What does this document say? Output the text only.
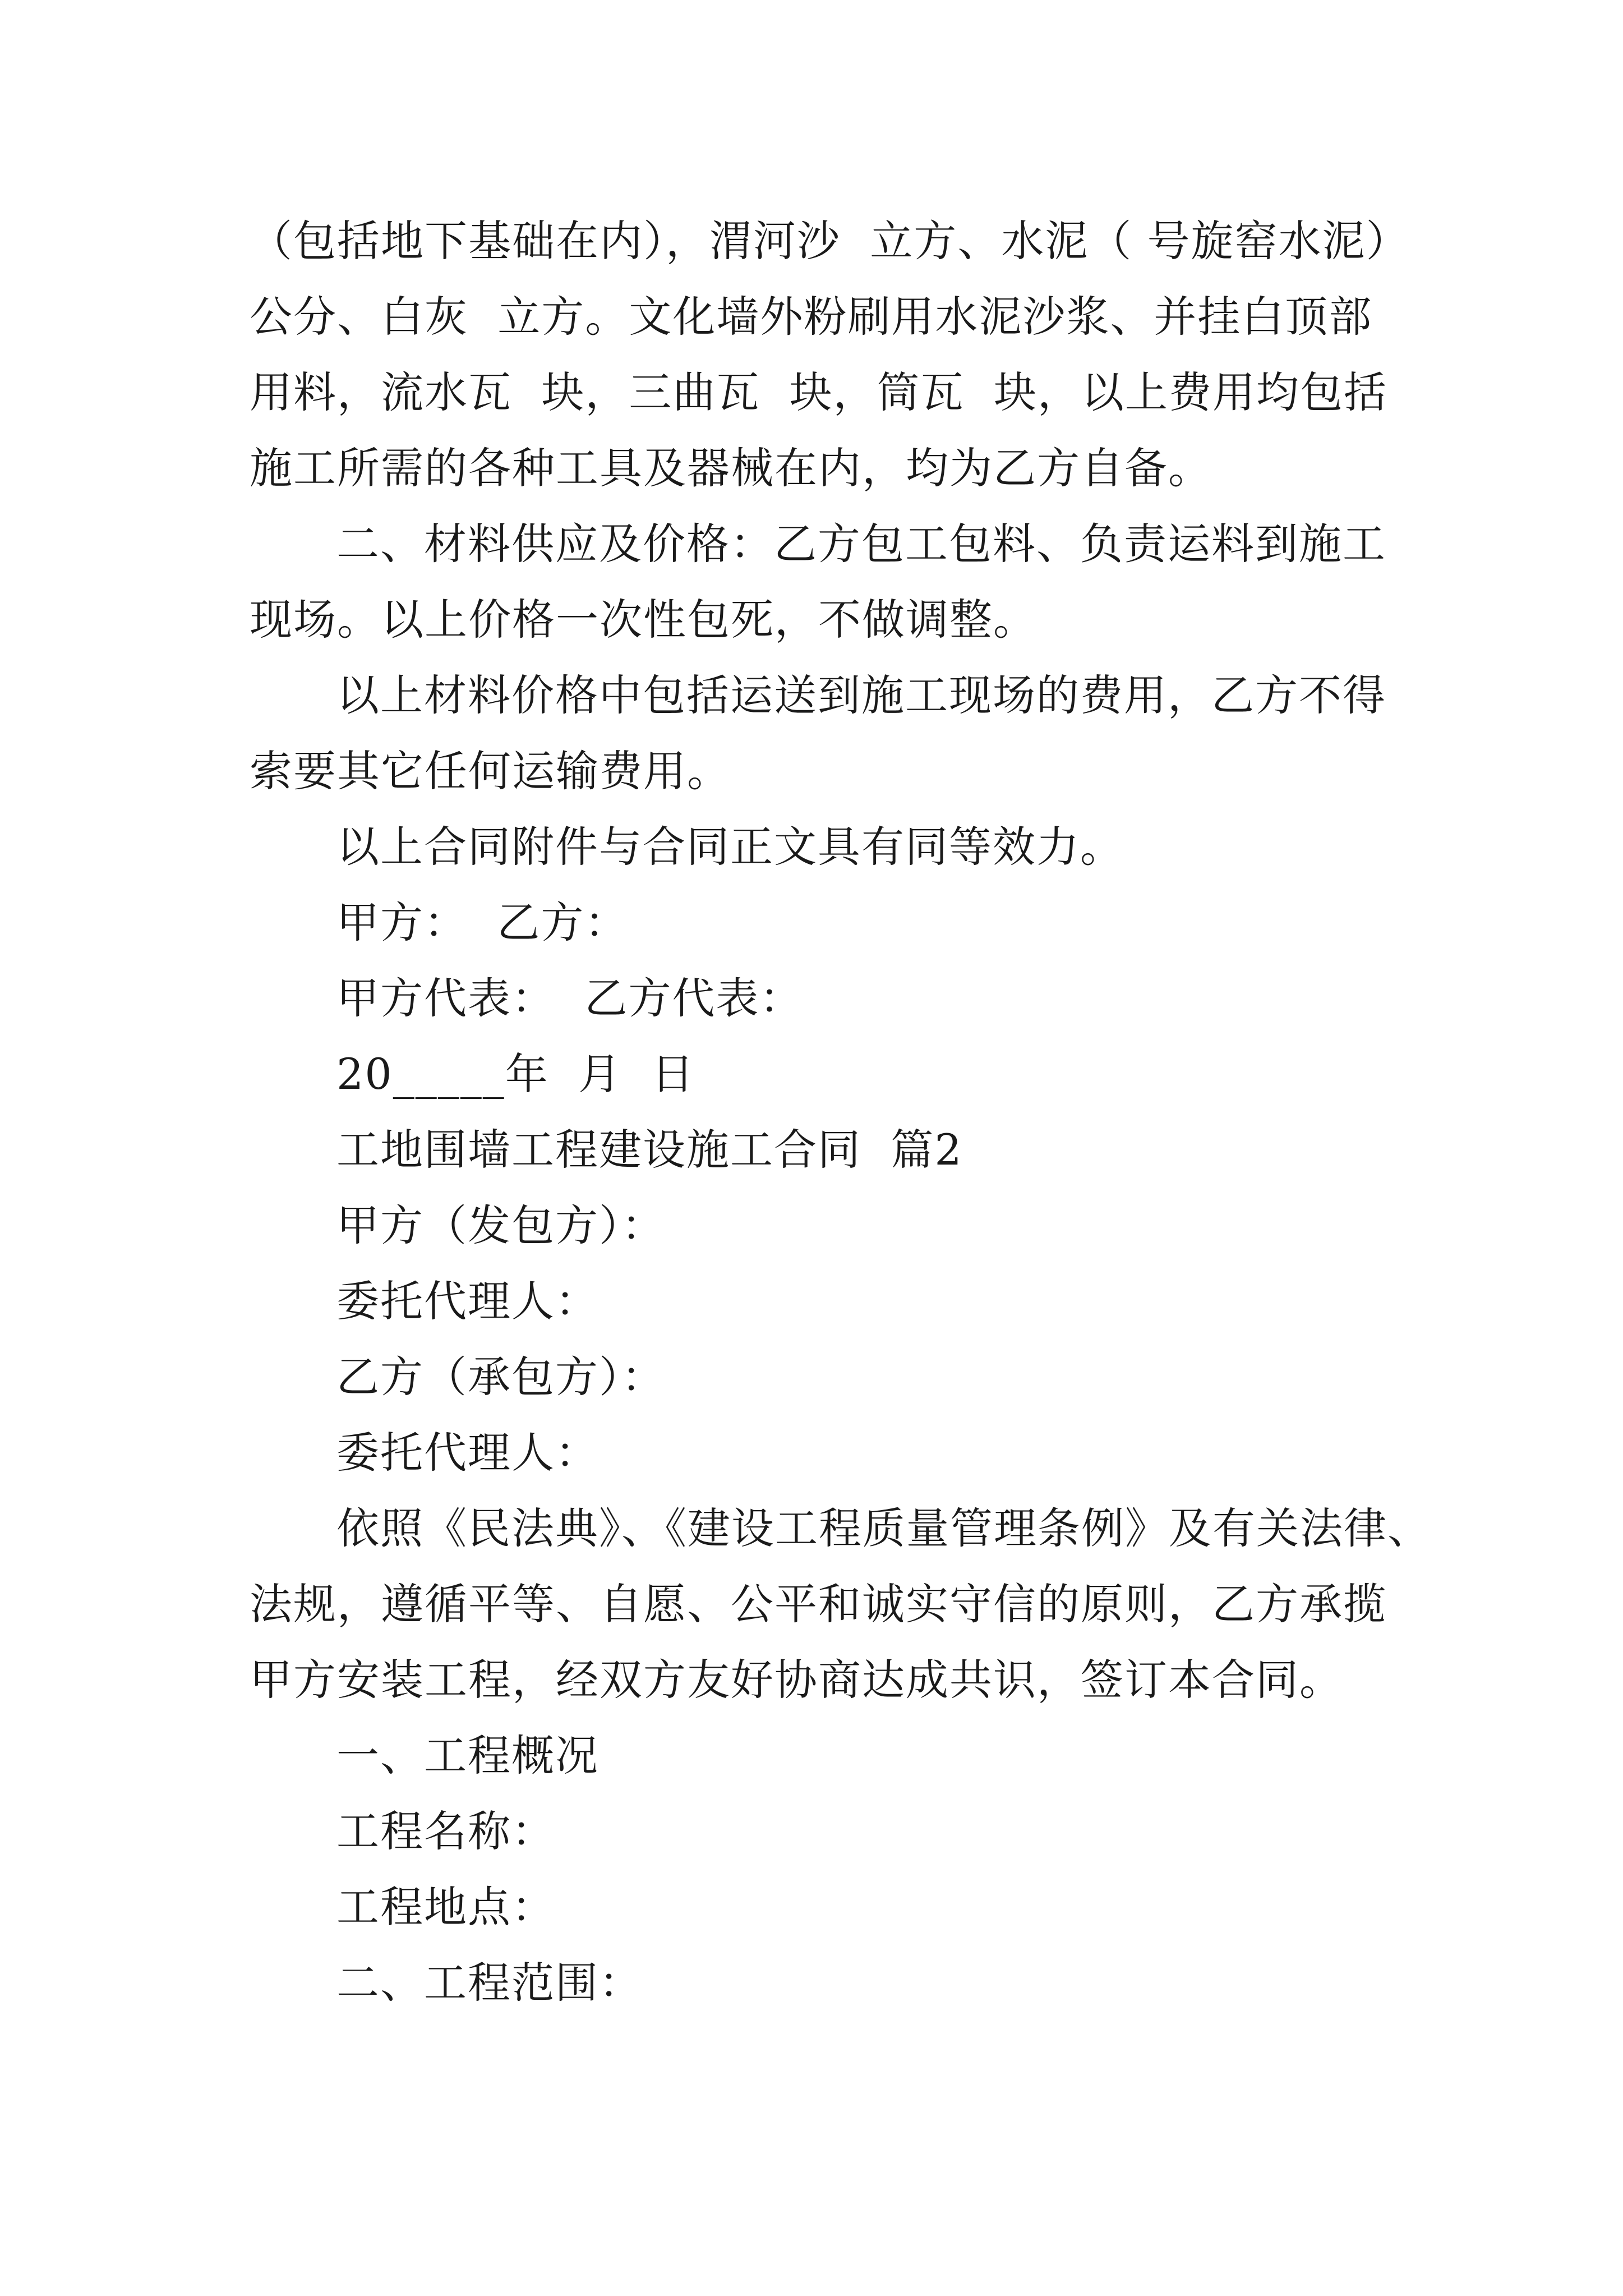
（包括地下基础在内），渭河沙  立方、水泥（ 号旋窑水泥）
公分、白灰  立方。文化墙外粉刷用水泥沙浆、并挂白顶部
用料，流水瓦  块，三曲瓦  块，筒瓦  块，以上费用均包括
施工所需的各种工具及器械在内，均为乙方自备。
二、材料供应及价格：乙方包工包料、负责运料到施工
现场。以上价格一次性包死，不做调整。
以上材料价格中包括运送到施工现场的费用，乙方不得
索要其它任何运输费用。
以上合同附件与合同正文具有同等效力。
甲方：  乙方：
甲方代表：  乙方代表：
20_____年  月  日
工地围墙工程建设施工合同  篇2
甲方（发包方）：
委托代理人：
乙方（承包方）：
委托代理人：
依照《民法典》、《建设工程质量管理条例》及有关法律、
法规，遵循平等、自愿、公平和诚实守信的原则，乙方承揽
甲方安装工程，经双方友好协商达成共识，签订本合同。
一、工程概况
工程名称：
工程地点：
二、工程范围：
